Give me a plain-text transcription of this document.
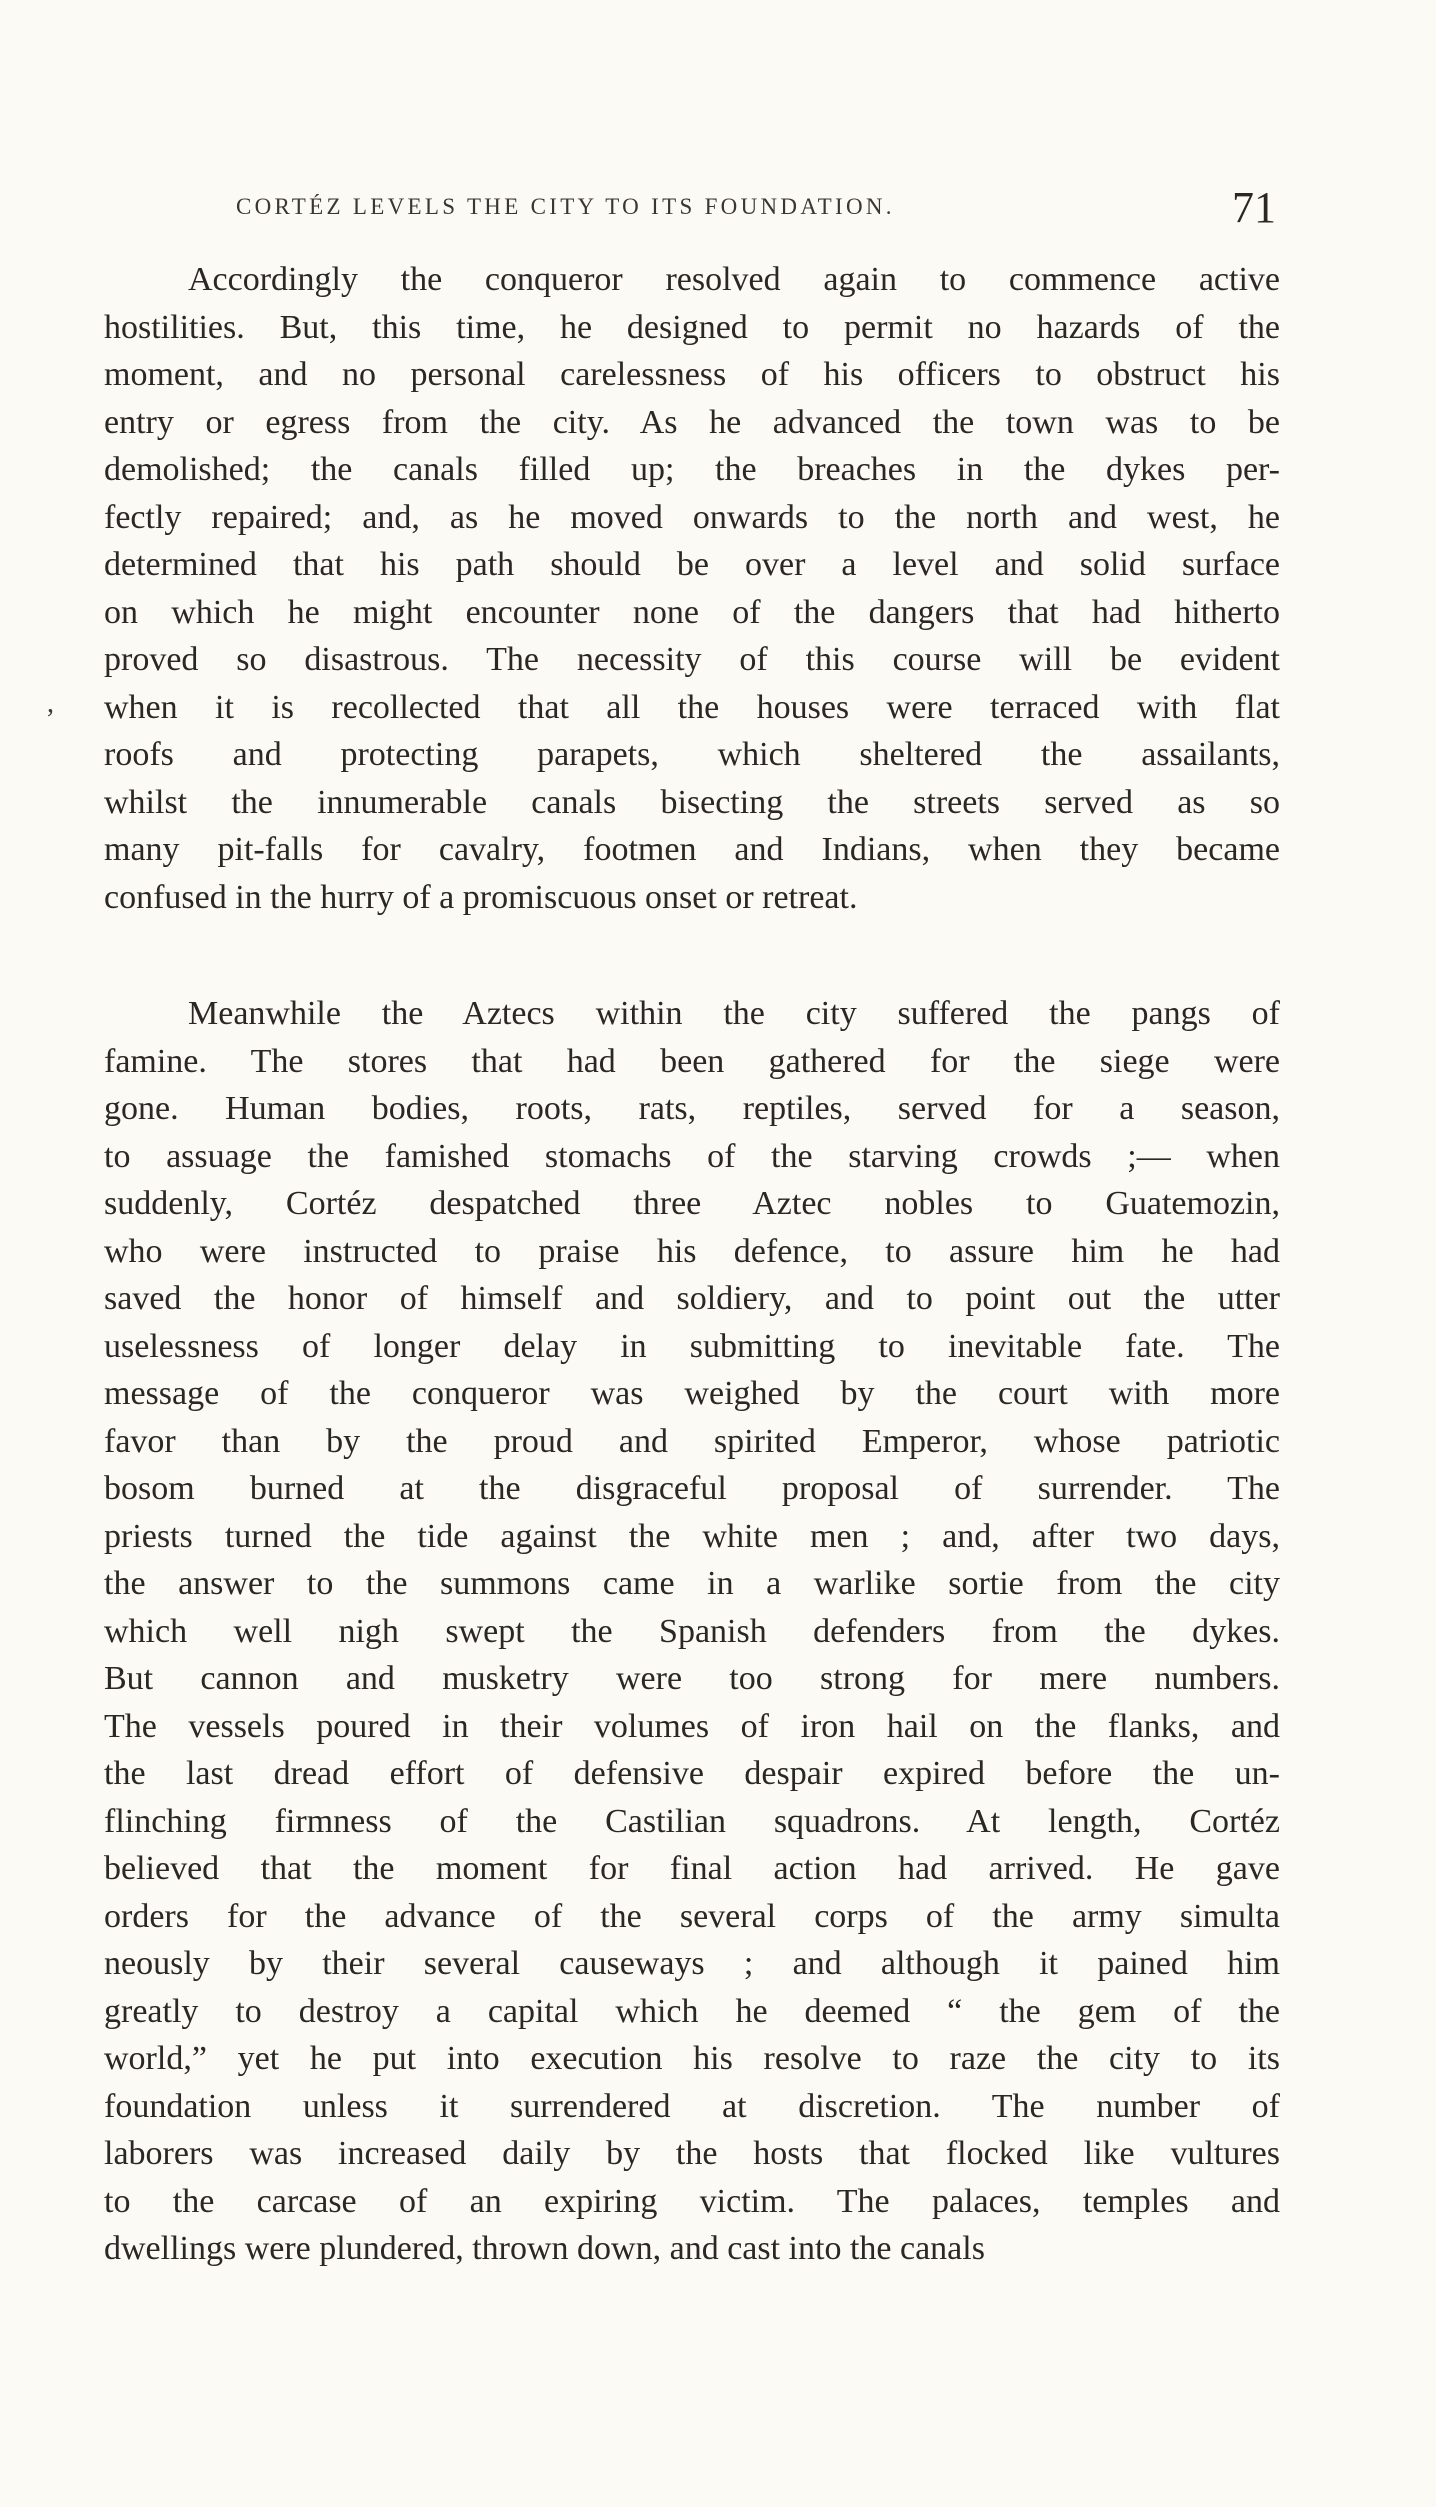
CORTÉZ LEVELS THE CITY TO ITS FOUNDATION.	71
,
Accordingly the conqueror resolved again to commence active
hostilities. But, this time, he designed to permit no hazards of the
moment, and no personal carelessness of his officers to obstruct his
entry or egress from the city. As he advanced the town was to be
demolished; the canals filled up; the breaches in the dykes per-
fectly repaired; and, as he moved onwards to the north and west, he
determined that his path should be over a level and solid surface
on which he might encounter none of the dangers that had hitherto
proved so disastrous. The necessity of this course will be evident
when it is recollected that all the houses were terraced with flat
roofs and protecting parapets, which sheltered the assailants,
whilst the innumerable canals bisecting the streets served as so
many pit-falls for cavalry, footmen and Indians, when they became
confused in the hurry of a promiscuous onset or retreat.
Meanwhile the Aztecs within the city suffered the pangs of
famine. The stores that had been gathered for the siege were
gone. Human bodies, roots, rats, reptiles, served for a season,
to assuage the famished stomachs of the starving crowds ;— when
suddenly, Cortéz despatched three Aztec nobles to Guatemozin,
who were instructed to praise his defence, to assure him he had
saved the honor of himself and soldiery, and to point out the utter
uselessness of longer delay in submitting to inevitable fate. The
message of the conqueror was weighed by the court with more
favor than by the proud and spirited Emperor, whose patriotic
bosom burned at the disgraceful proposal of surrender. The
priests turned the tide against the white men ; and, after two days,
the answer to the summons came in a warlike sortie from the city
which well nigh swept the Spanish defenders from the dykes.
But cannon and musketry were too strong for mere numbers.
The vessels poured in their volumes of iron hail on the flanks, and
the last dread effort of defensive despair expired before the un-
flinching firmness of the Castilian squadrons. At length, Cortéz
believed that the moment for final action had arrived. He gave
orders for the advance of the several corps of the army simulta
neously by their several causeways ; and although it pained him
greatly to destroy a capital which he deemed “ the gem of the
world,” yet he put into execution his resolve to raze the city to its
foundation unless it surrendered at discretion. The number of
laborers was increased daily by the hosts that flocked like vultures
to the carcase of an expiring victim. The palaces, temples and
dwellings were plundered, thrown down, and cast into the canals
